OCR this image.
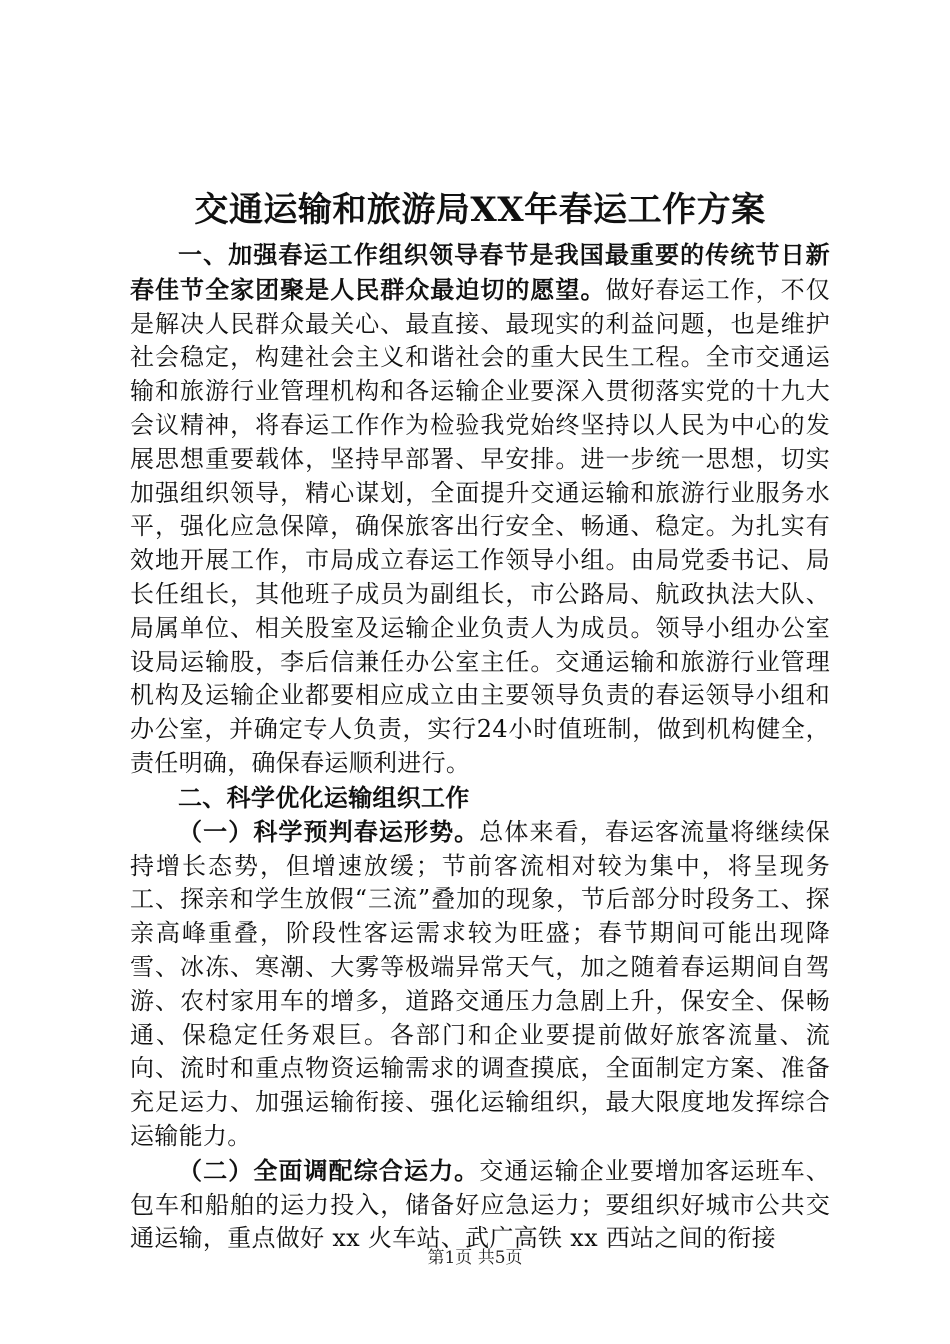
交通运输和旅游局XX年春运工作方案

一、加强春运工作组织领导春节是我国最重要的传统节日新春佳节全家团聚是人民群众最迫切的愿望。做好春运工作，不仅是解决人民群众最关心、最直接、最现实的利益问题，也是维护社会稳定，构建社会主义和谐社会的重大民生工程。全市交通运输和旅游行业管理机构和各运输企业要深入贯彻落实党的十九大会议精神，将春运工作作为检验我党始终坚持以人民为中心的发展思想重要载体，坚持早部署、早安排。进一步统一思想，切实加强组织领导，精心谋划，全面提升交通运输和旅游行业服务水平，强化应急保障，确保旅客出行安全、畅通、稳定。为扎实有效地开展工作，市局成立春运工作领导小组。由局党委书记、局长任组长，其他班子成员为副组长，市公路局、航政执法大队、局属单位、相关股室及运输企业负责人为成员。领导小组办公室设局运输股，李后信兼任办公室主任。交通运输和旅游行业管理机构及运输企业都要相应成立由主要领导负责的春运领导小组和办公室，并确定专人负责，实行24小时值班制，做到机构健全，责任明确，确保春运顺利进行。

二、科学优化运输组织工作

（一）科学预判春运形势。总体来看，春运客流量将继续保持增长态势，但增速放缓；节前客流相对较为集中，将呈现务工、探亲和学生放假“三流”叠加的现象，节后部分时段务工、探亲高峰重叠，阶段性客运需求较为旺盛；春节期间可能出现降雪、冰冻、寒潮、大雾等极端异常天气，加之随着春运期间自驾游、农村家用车的增多，道路交通压力急剧上升，保安全、保畅通、保稳定任务艰巨。各部门和企业要提前做好旅客流量、流向、流时和重点物资运输需求的调查摸底，全面制定方案、准备充足运力、加强运输衔接、强化运输组织，最大限度地发挥综合运输能力。

（二）全面调配综合运力。交通运输企业要增加客运班车、包车和船舶的运力投入，储备好应急运力；要组织好城市公共交通运输，重点做好 xx 火车站、武广高铁 xx 西站之间的衔接

第1页 共5页
